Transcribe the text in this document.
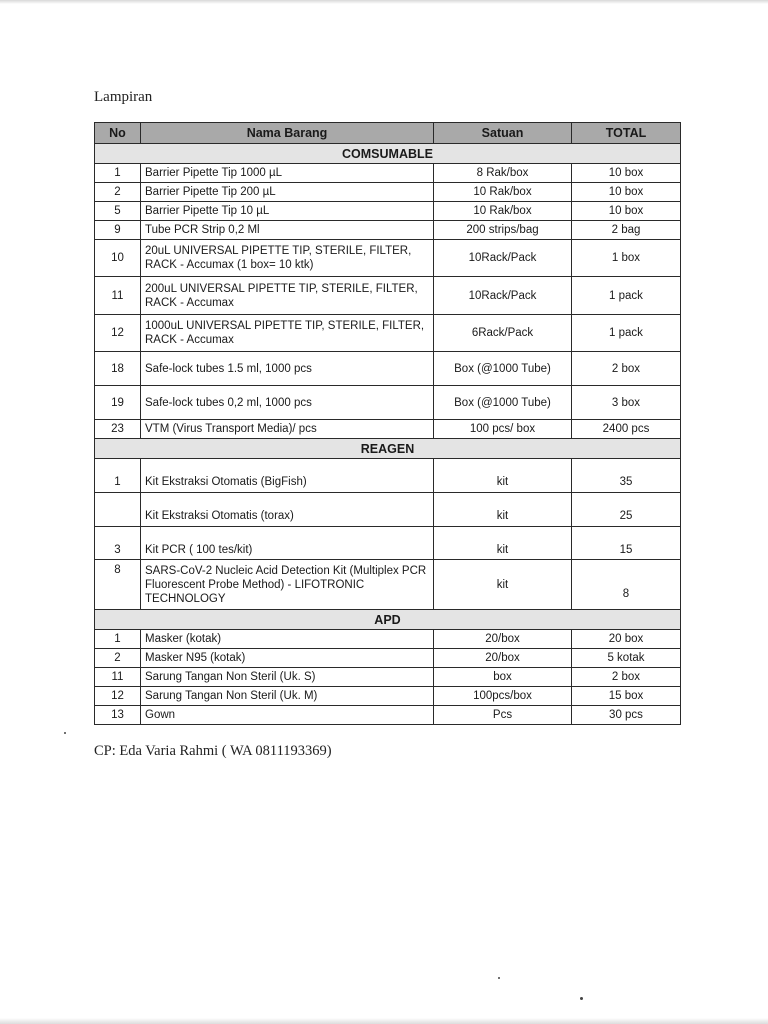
Lampiran
No	Nama Barang	Satuan	TOTAL
COMSUMABLE			
1	Barrier Pipette Tip 1000 µL	8 Rak/box	10 box
2	Barrier Pipette Tip 200 µL	10 Rak/box	10 box
5	Barrier Pipette Tip 10 µL	10 Rak/box	10 box
9	Tube PCR Strip 0,2 Ml	200 strips/bag	2 bag
10	20uL UNIVERSAL PIPETTE TIP, STERILE, FILTER, RACK - Accumax (1 box= 10 ktk)	10Rack/Pack	1 box
11	200uL UNIVERSAL PIPETTE TIP, STERILE, FILTER, RACK - Accumax	10Rack/Pack	1 pack
12	1000uL UNIVERSAL PIPETTE TIP, STERILE, FILTER, RACK - Accumax	6Rack/Pack	1 pack
18	Safe-lock tubes 1.5 ml, 1000 pcs	Box (@1000 Tube)	2 box
19	Safe-lock tubes 0,2 ml, 1000 pcs	Box (@1000 Tube)	3 box
23	VTM (Virus Transport Media)/ pcs	100 pcs/ box	2400 pcs
REAGEN			
1	Kit Ekstraksi Otomatis (BigFish)	kit	35
	Kit Ekstraksi Otomatis (torax)	kit	25
3	Kit PCR ( 100 tes/kit)	kit	15
8	SARS-CoV-2 Nucleic Acid Detection Kit (Multiplex PCR Fluorescent Probe Method) - LIFOTRONIC TECHNOLOGY	kit	8
APD			
1	Masker (kotak)	20/box	20 box
2	Masker N95 (kotak)	20/box	5 kotak
11	Sarung Tangan Non Steril (Uk. S)	box	2 box
12	Sarung Tangan Non Steril (Uk. M)	100pcs/box	15 box
13	Gown	Pcs	30 pcs
CP: Eda Varia Rahmi ( WA 0811193369)
